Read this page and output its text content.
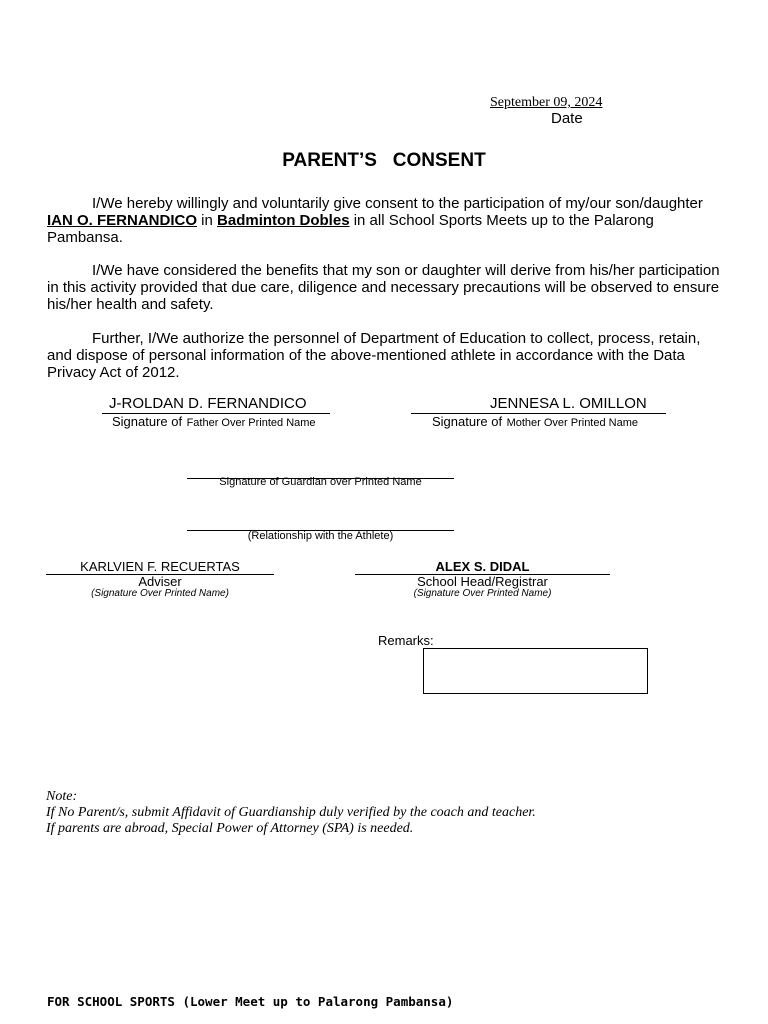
September 09, 2024
Date
PARENT’S   CONSENT
I/We hereby willingly and voluntarily give consent to the participation of my/our son/daughter IAN O. FERNANDICO in Badminton Dobles in all School Sports Meets up to the Palarong Pambansa.
I/We have considered the benefits that my son or daughter will derive from his/her participation in this activity provided that due care, diligence and necessary precautions will be observed to ensure his/her health and safety.
Further, I/We authorize the personnel of Department of Education to collect, process, retain, and dispose of personal information of the above-mentioned athlete in accordance with the Data Privacy Act of 2012.
J-ROLDAN D. FERNANDICO
Signature of Father Over Printed Name
JENNESA L. OMILLON
Signature of Mother Over Printed Name
Signature of Guardian over Printed Name
(Relationship with the Athlete)
KARLVIEN F. RECUERTAS
Adviser
(Signature Over Printed Name)
ALEX S. DIDAL
School Head/Registrar
(Signature Over Printed Name)
Remarks:
Note:
If No Parent/s, submit Affidavit of Guardianship duly verified by the coach and teacher.
If parents are abroad, Special Power of Attorney (SPA) is needed.
FOR SCHOOL SPORTS (Lower Meet up to Palarong Pambansa)
